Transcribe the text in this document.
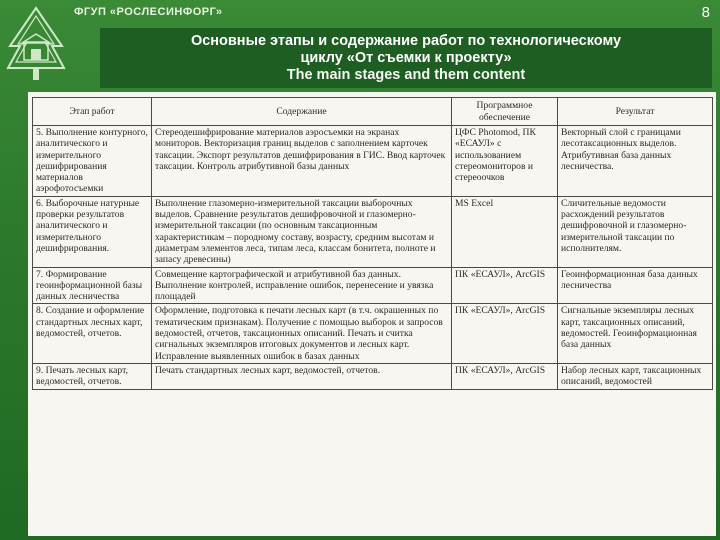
ФГУП «РОСЛЕСИНФОРГ»	8
Основные этапы и содержание работ по технологическому
циклу «От съемки к проекту»
The main stages and them content
Этап работ	Содержание	Программное обеспечение	Результат
5. Выполнение контурного, аналитического и измерительного дешифрирования материалов аэрофотосъемки	Стереодешифрирование материалов аэросъемки на экранах мониторов. Векторизация границ выделов с заполнением карточек таксации. Экспорт результатов дешифрирования в ГИС. Ввод карточек таксации. Контроль атрибутивной базы данных	ЦФС Photomod, ПК «ЕСАУЛ» с использованием стереомониторов и стереоочков	Векторный слой с границами лесотаксационных выделов. Атрибутивная база данных лесничества.
6. Выборочные натурные проверки результатов аналитического и измерительного дешифрирования.	Выполнение глазомерно-измерительной таксации выборочных выделов. Сравнение результатов дешифровочной и глазомерно-измерительной таксации (по основным таксационным характеристикам – породному составу, возрасту, средним высотам и диаметрам элементов леса, типам леса, классам бонитета, полноте и запасу древесины)	MS Excel	Сличительные ведомости расхождений результатов дешифровочной и глазомерно-измерительной таксации по исполнителям.
7. Формирование геоинформационной базы данных лесничества	Совмещение картографической и атрибутивной баз данных. Выполнение контролей, исправление ошибок, перенесение и увязка площадей	ПК «ЕСАУЛ», ArcGIS	Геоинформационная база данных лесничества
8. Создание и оформление стандартных лесных карт, ведомостей, отчетов.	Оформление, подготовка к печати лесных карт (в т.ч. окрашенных по тематическим признакам). Получение с помощью выборок и запросов ведомостей, отчетов, таксационных описаний. Печать и считка сигнальных экземпляров итоговых документов и лесных карт. Исправление выявленных ошибок в базах данных	ПК «ЕСАУЛ», ArcGIS	Сигнальные экземпляры лесных карт, таксационных описаний, ведомостей. Геоинформационная база данных
9. Печать лесных карт, ведомостей, отчетов.	Печать стандартных лесных карт, ведомостей, отчетов.	ПК «ЕСАУЛ», ArcGIS	Набор лесных карт, таксационных описаний, ведомостей
